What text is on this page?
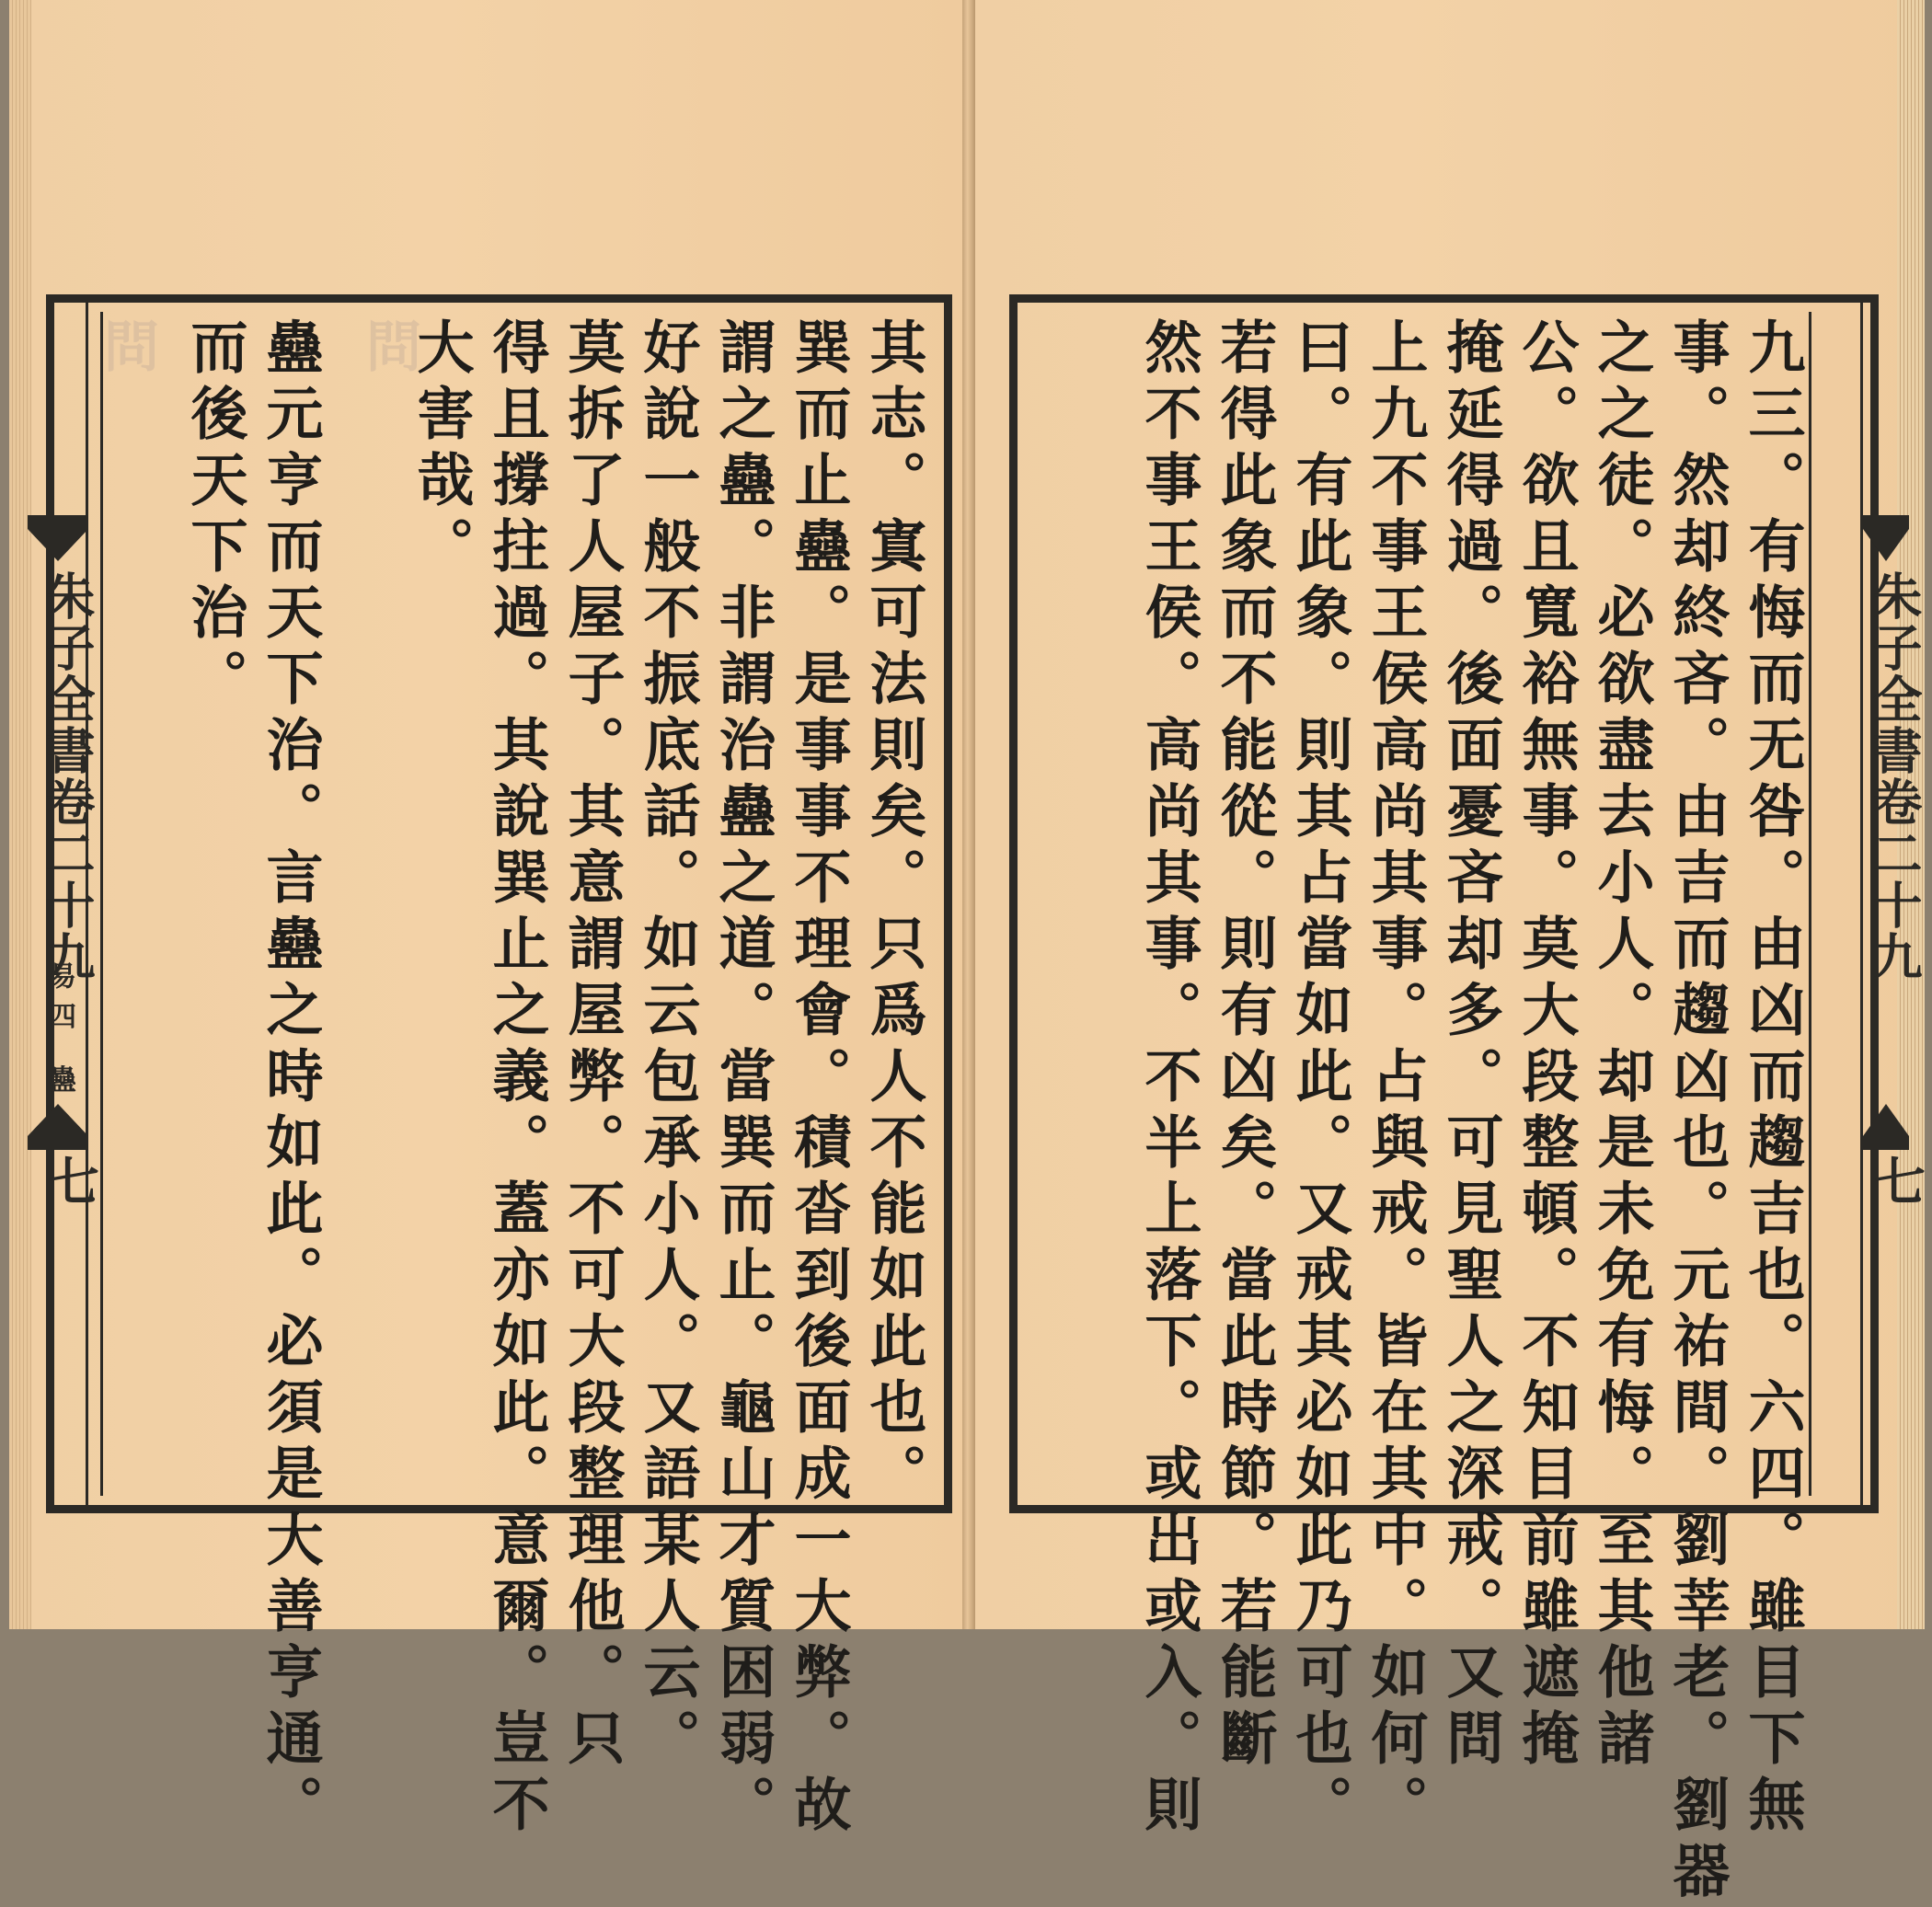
朱子全書卷二十九
易四 蠱
七
問
問	其志。寘可法則矣。只爲人不能如此也。
巽而止蠱。是事事不理會。積沓到後面成一大弊。故
謂之蠱。非謂治蠱之道。當巽而止。龜山才質困弱。
好說一般不振底話。如云包承小人。又語某人云。
莫拆了人屋子。其意謂屋弊。不可大段整理他。只
得且撐拄過。其說巽止之義。蓋亦如此。意爾。豈不
大害哉。
蠱元亨而天下治。言蠱之時如此。必須是大善亨通。
而後天下治。
朱子全書卷二十九
七
九三。有悔而无咎。由凶而趨吉也。六四。雖目下無
事。然却終吝。由吉而趨凶也。元祐間。劉莘老。劉器
之之徒。必欲盡去小人。却是未免有悔。至其他諸
公。欲且寬裕無事。莫大段整頓。不知目前雖遮掩
掩延得過。後面憂吝却多。可見聖人之深戒。又問
上九不事王侯高尚其事。占與戒。皆在其中。如何。
曰。有此象。則其占當如此。又戒其必如此乃可也。
若得此象而不能從。則有凶矣。當此時節。若能斷
然不事王侯。高尚其事。不半上落下。或出或入。則
